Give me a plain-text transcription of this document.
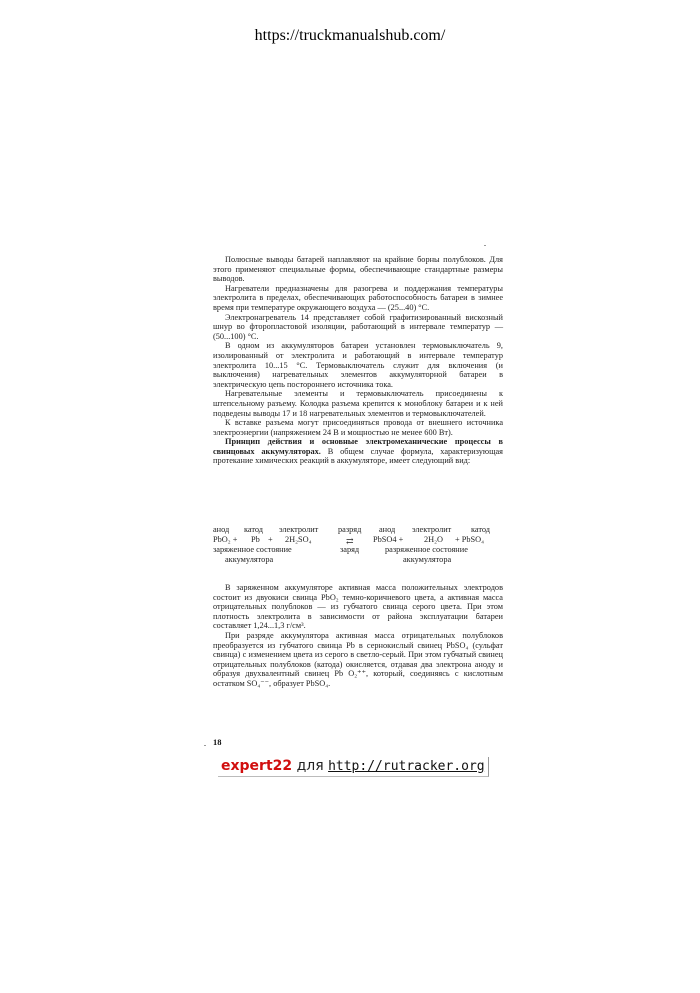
https://truckmanualshub.com/

Полюсные выводы батарей наплавляют на крайние борны полублоков. Для этого применяют специальные формы, обеспечивающие стандартные размеры выводов.

Нагреватели предназначены для разогрева и поддержания температуры электролита в пределах, обеспечивающих работоспособность батареи в зимнее время при температуре окружающего воздуха — (25...40) °С.

Электронагреватель 14 представляет собой графитизированный вискозный шнур во фторопластовой изоляции, работающий в интервале температур — (50...100) °С.

В одном из аккумуляторов батареи установлен термовыключатель 9, изолированный от электролита и работающий в интервале температур электролита 10...15 °С. Термовыключатель служит для включения (и выключения) нагревательных элементов аккумуляторной батареи в электрическую цепь постороннего источника тока.

Нагревательные элементы и термовыключатель присоединены к штепсельному разъему. Колодка разъема крепится к моноблоку батареи и к ней подведены выводы 17 и 18 нагревательных элементов и термовыключателей.

К вставке разъема могут присоединяться провода от внешнего источника электроэнергии (напряжением 24 В и мощностью не менее 600 Вт).

Принцип действия и основные электромеханические процессы в свинцовых аккумуляторах. В общем случае формула, характеризующая протекание химических реакций в аккумуляторе, имеет следующий вид:

анод катод электролит разряд анод электролит катод
PbO₂ + Pb + 2H₂SO₄	⇄ PbSO4 + 2H₂O + PbSO₄
заряженное состояние	заряд	разряженное состояние
аккумулятора	аккумулятора

В заряженном аккумуляторе активная масса положительных электродов состоит из двуокиси свинца PbO₂ темно-коричневого цвета, а активная масса отрицательных полублоков — из губчатого свинца серого цвета. При этом плотность электролита в зависимости от района эксплуатации батареи составляет 1,24...1,3 г/см³.

При разряде аккумулятора активная масса отрицательных полублоков преобразуется из губчатого свинца Pb в сернокислый свинец PbSO₄ (сульфат свинца) с изменением цвета из серого в светло-серый. При этом губчатый свинец отрицательных полублоков (катода) окисляется, отдавая два электрона аноду и образуя двухвалентный свинец Pb O₂⁺⁺, который, соединяясь с кислотным остатком SO₄⁻⁻, образует PbSO₄.

18
expert22 для http://rutracker.org
